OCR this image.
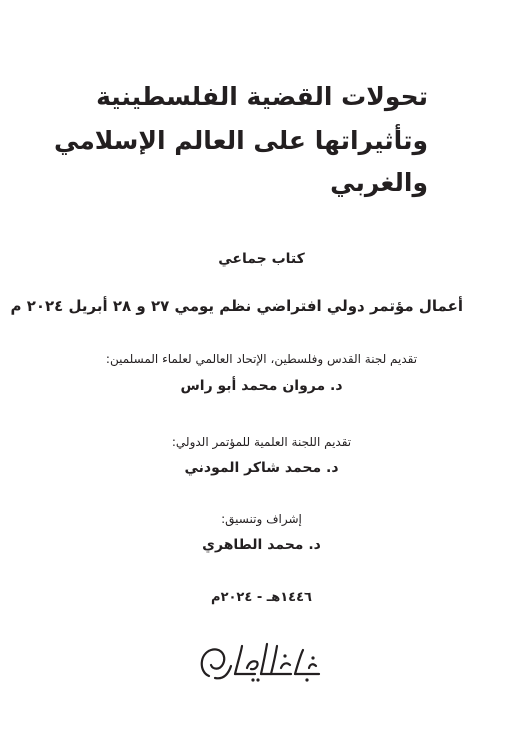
تحولات القضية الفلسطينية
وتأثيراتها على العالم الإسلامي
والغربي
كتاب جماعي
أعمال مؤتمر دولي افتراضي نظم يومي ٢٧ و ٢٨ أبريل ٢٠٢٤ م
تقديم لجنة القدس وفلسطين، الإتحاد العالمي لعلماء المسلمين:
د. مروان محمد أبو راس
تقديم اللجنة العلمية للمؤتمر الدولي:
د. محمد شاكر المودني
إشراف وتنسيق:
د. محمد الطاهري
١٤٤٦هـ - ٢٠٢٤م
